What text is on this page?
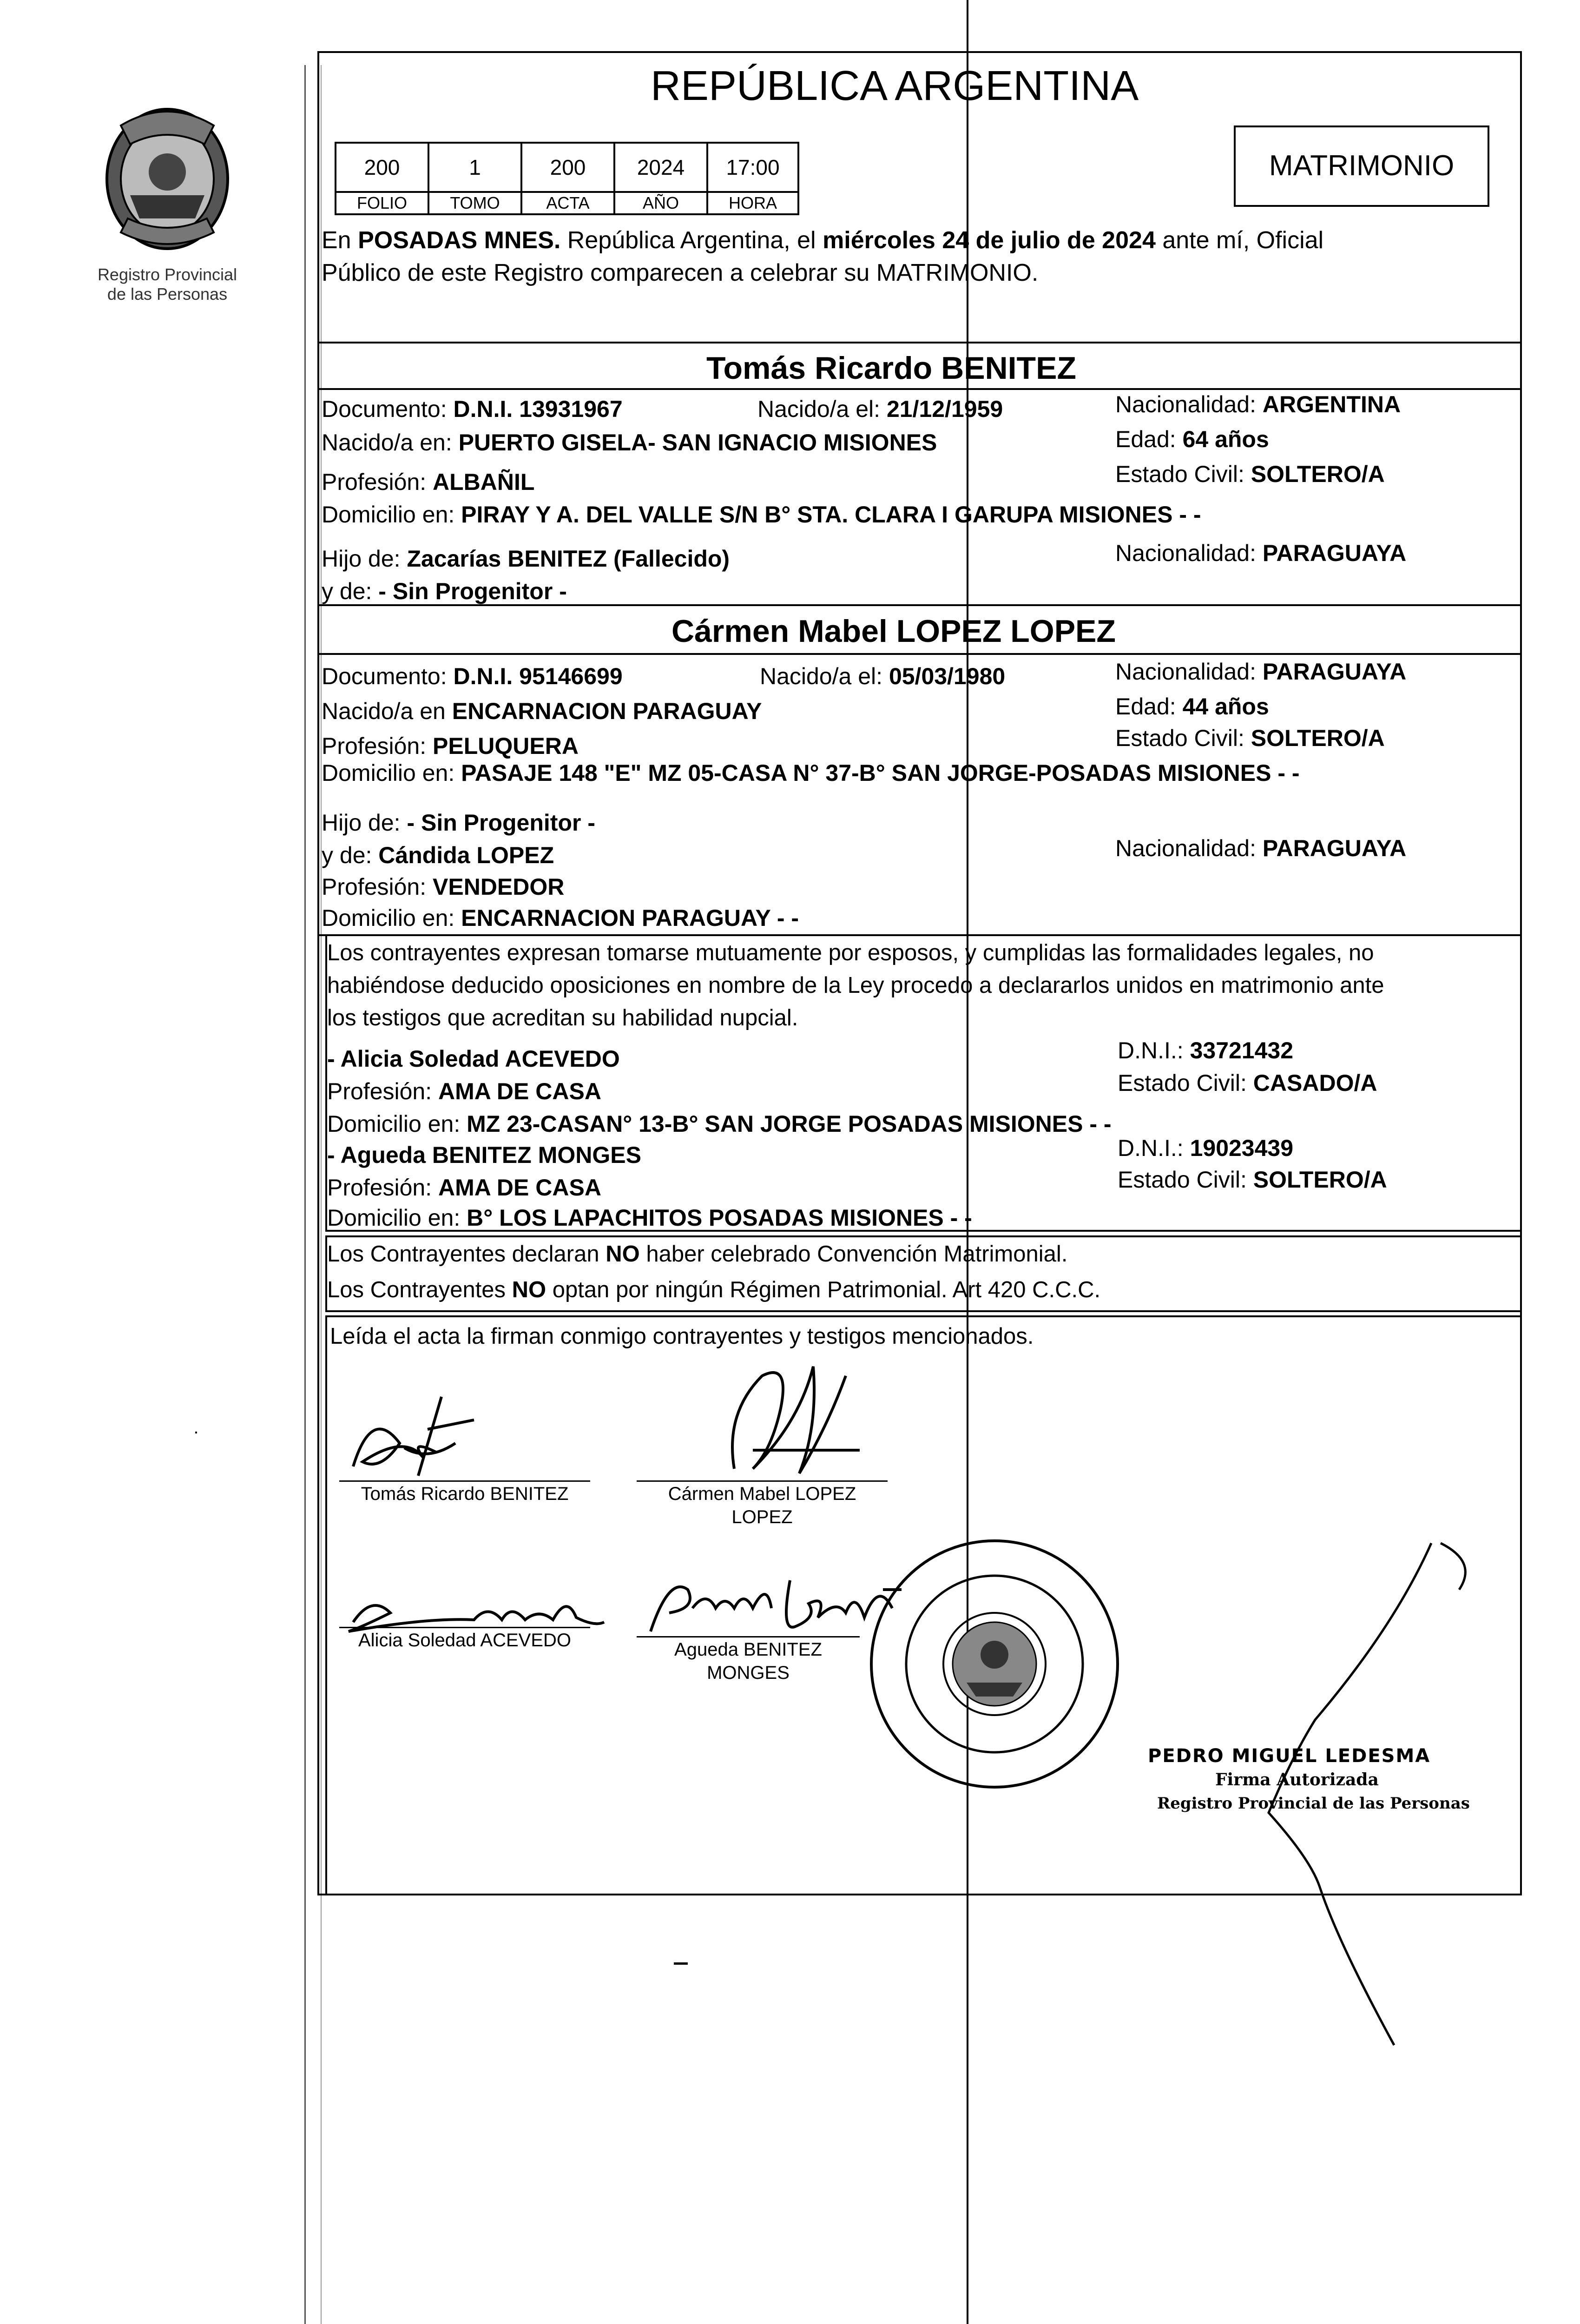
Registro Provincial
de las Personas
REPÚBLICA ARGENTINA
200	1	200	2024	17:00
FOLIO	TOMO	ACTA	AÑO	HORA
MATRIMONIO
En POSADAS MNES. República Argentina, el miércoles 24 de julio de 2024 ante mí, Oficial
Público de este Registro comparecen a celebrar su MATRIMONIO.
Tomás Ricardo BENITEZ
Documento: D.N.I. 13931967	Nacido/a el: 21/12/1959	Nacionalidad: ARGENTINA
Nacido/a en: PUERTO GISELA- SAN IGNACIO MISIONES	Edad: 64 años
Profesión: ALBAÑIL	Estado Civil: SOLTERO/A
Domicilio en: PIRAY Y A. DEL VALLE S/N B° STA. CLARA I GARUPA MISIONES - -
Hijo de: Zacarías BENITEZ (Fallecido)	Nacionalidad: PARAGUAYA
y de: - Sin Progenitor -
Cármen Mabel LOPEZ LOPEZ
Documento: D.N.I. 95146699	Nacido/a el: 05/03/1980	Nacionalidad: PARAGUAYA
Nacido/a en ENCARNACION PARAGUAY	Edad: 44 años
Profesión: PELUQUERA	Estado Civil: SOLTERO/A
Domicilio en: PASAJE 148 "E" MZ 05-CASA N° 37-B° SAN JORGE-POSADAS MISIONES - -
Hijo de: - Sin Progenitor -
y de: Cándida LOPEZ	Nacionalidad: PARAGUAYA
Profesión: VENDEDOR
Domicilio en: ENCARNACION PARAGUAY - -
Los contrayentes expresan tomarse mutuamente por esposos, y cumplidas las formalidades legales, no
habiéndose deducido oposiciones en nombre de la Ley procedo a declararlos unidos en matrimonio ante
los testigos que acreditan su habilidad nupcial.
- Alicia Soledad ACEVEDO	D.N.I.: 33721432
Profesión: AMA DE CASA	Estado Civil: CASADO/A
Domicilio en: MZ 23-CASAN° 13-B° SAN JORGE POSADAS MISIONES - -
- Agueda BENITEZ MONGES	D.N.I.: 19023439
Profesión: AMA DE CASA	Estado Civil: SOLTERO/A
Domicilio en: B° LOS LAPACHITOS POSADAS MISIONES - -
Los Contrayentes declaran NO haber celebrado Convención Matrimonial.
Los Contrayentes NO optan por ningún Régimen Patrimonial. Art 420 C.C.C.
Leída el acta la firman conmigo contrayentes y testigos mencionados.
Tomás Ricardo BENITEZ	Cármen Mabel LOPEZ
LOPEZ
Alicia Soledad ACEVEDO	Agueda BENITEZ
MONGES
PEDRO MIGUEL LEDESMA
Firma Autorizada
Registro Provincial de las Personas
